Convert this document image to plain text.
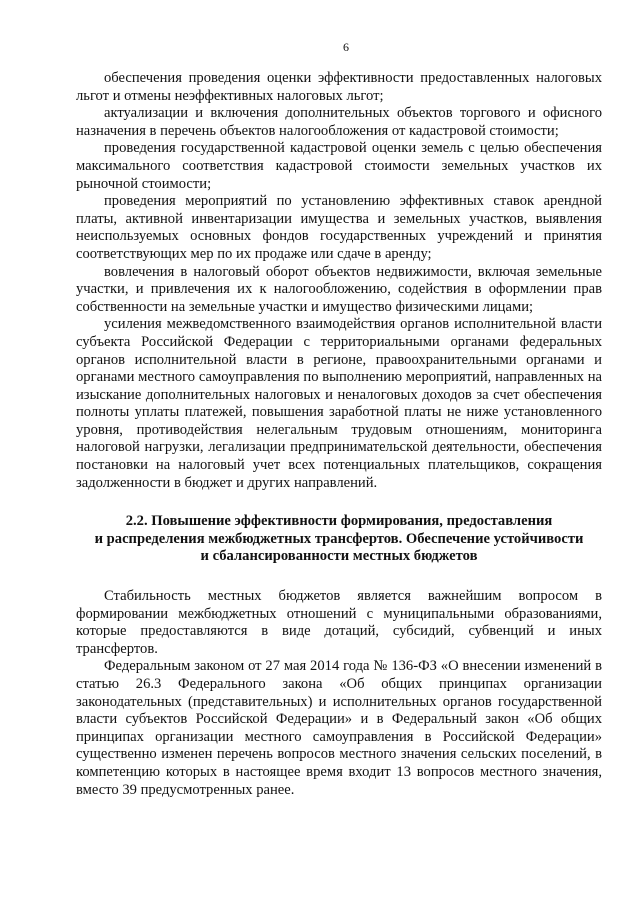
6

обеспечения проведения оценки эффективности предоставленных налоговых льгот и отмены неэффективных налоговых льгот;

актуализации и включения дополнительных объектов торгового и офисного назначения в перечень объектов налогообложения от кадастровой стоимости;

проведения государственной кадастровой оценки земель с целью обеспечения максимального соответствия кадастровой стоимости земельных участков их рыночной стоимости;

проведения мероприятий по установлению эффективных ставок арендной платы, активной инвентаризации имущества и земельных участков, выявления неиспользуемых основных фондов государственных учреждений и принятия соответствующих мер по их продаже или сдаче в аренду;

вовлечения в налоговый оборот объектов недвижимости, включая земельные участки, и привлечения их к налогообложению, содействия в оформлении прав собственности на земельные участки и имущество физическими лицами;

усиления межведомственного взаимодействия органов исполнительной власти субъекта Российской Федерации с территориальными органами федеральных органов исполнительной власти в регионе, правоохранительными органами и органами местного самоуправления по выполнению мероприятий, направленных на изыскание дополнительных налоговых и неналоговых доходов за счет обеспечения полноты уплаты платежей, повышения заработной платы не ниже установленного уровня, противодействия нелегальным трудовым отношениям, мониторинга налоговой нагрузки, легализации предпринимательской деятельности, обеспечения постановки на налоговый учет всех потенциальных плательщиков, сокращения задолженности в бюджет и других направлений.

2.2. Повышение эффективности формирования, предоставления
и распределения межбюджетных трансфертов. Обеспечение устойчивости
и сбалансированности местных бюджетов

Стабильность местных бюджетов является важнейшим вопросом в формировании межбюджетных отношений с муниципальными образованиями, которые предоставляются в виде дотаций, субсидий, субвенций и иных трансфертов.

Федеральным законом от 27 мая 2014 года № 136-ФЗ «О внесении изменений в статью 26.3 Федерального закона «Об общих принципах организации законодательных (представительных) и исполнительных органов государственной власти субъектов Российской Федерации» и в Федеральный закон «Об общих принципах организации местного самоуправления в Российской Федерации» существенно изменен перечень вопросов местного значения сельских поселений, в компетенцию которых в настоящее время входит 13 вопросов местного значения, вместо 39 предусмотренных ранее.
